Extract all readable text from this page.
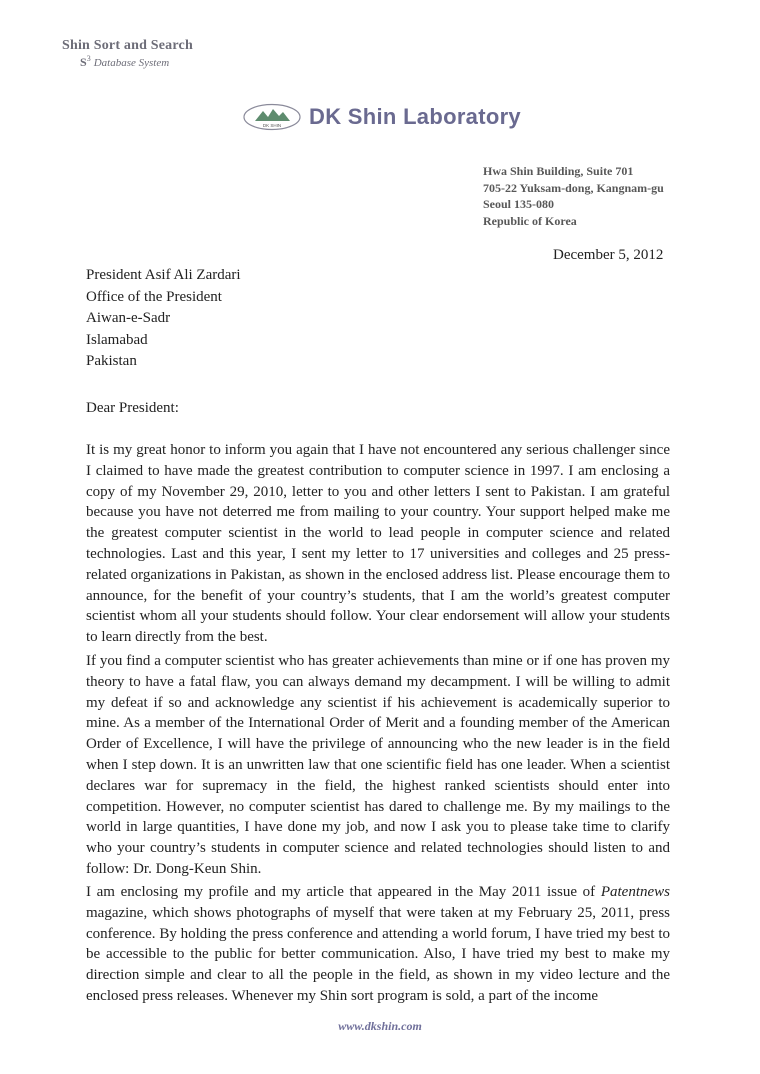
Shin Sort and Search
$S^3$ Database System
DK SHIN DK Shin Laboratory
Hwa Shin Building, Suite 701
705-22 Yuksam-dong, Kangnam-gu
Seoul 135-080
Republic of Korea
December 5, 2012
President Asif Ali Zardari
Office of the President
Aiwan-e-Sadr
Islamabad
Pakistan
Dear President:
It is my great honor to inform you again that I have not encountered any serious challenger since I claimed to have made the greatest contribution to computer science in 1997. I am enclosing a copy of my November 29, 2010, letter to you and other letters I sent to Pakistan. I am grateful because you have not deterred me from mailing to your country. Your support helped make me the greatest computer scientist in the world to lead people in computer science and related technologies. Last and this year, I sent my letter to 17 universities and colleges and 25 press-related organizations in Pakistan, as shown in the enclosed address list. Please encourage them to announce, for the benefit of your country’s students, that I am the world’s greatest computer scientist whom all your students should follow. Your clear endorsement will allow your students to learn directly from the best.
If you find a computer scientist who has greater achievements than mine or if one has proven my theory to have a fatal flaw, you can always demand my decampment. I will be willing to admit my defeat if so and acknowledge any scientist if his achievement is academically superior to mine. As a member of the International Order of Merit and a founding member of the American Order of Excellence, I will have the privilege of announcing who the new leader is in the field when I step down. It is an unwritten law that one scientific field has one leader. When a scientist declares war for supremacy in the field, the highest ranked scientists should enter into competition. However, no computer scientist has dared to challenge me. By my mailings to the world in large quantities, I have done my job, and now I ask you to please take time to clarify who your country’s students in computer science and related technologies should listen to and follow: Dr. Dong-Keun Shin.
I am enclosing my profile and my article that appeared in the May 2011 issue of Patentnews magazine, which shows photographs of myself that were taken at my February 25, 2011, press conference. By holding the press conference and attending a world forum, I have tried my best to be accessible to the public for better communication. Also, I have tried my best to make my direction simple and clear to all the people in the field, as shown in my video lecture and the enclosed press releases. Whenever my Shin sort program is sold, a part of the income
www.dkshin.com
